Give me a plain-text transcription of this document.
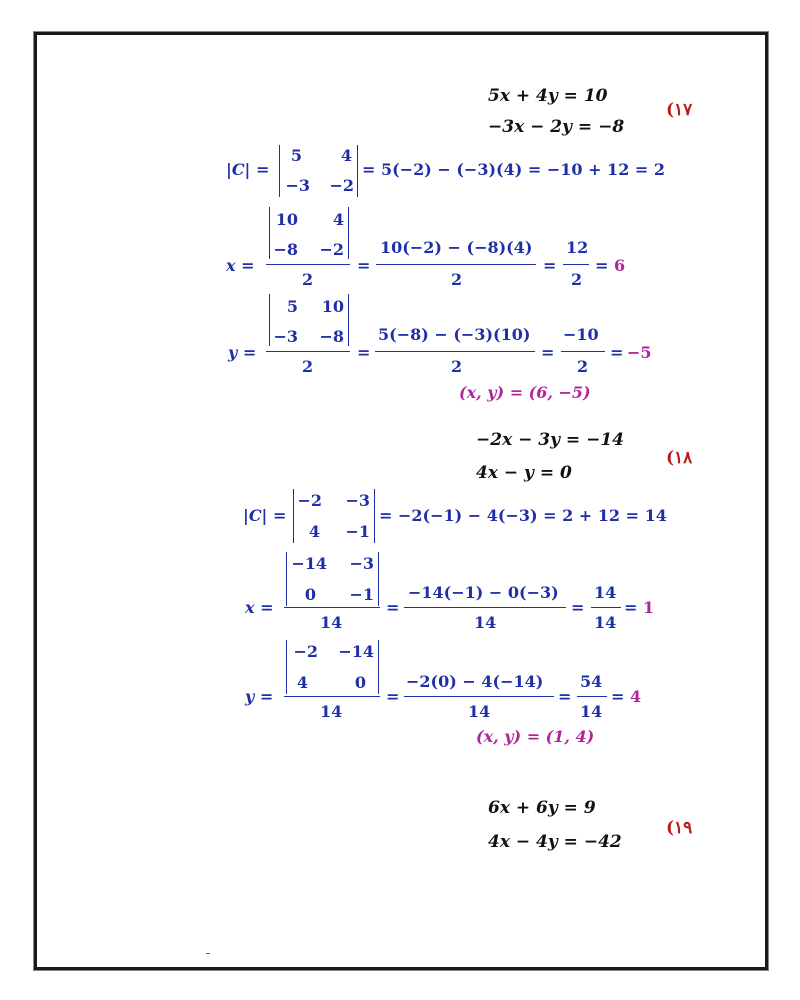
(١٧
5x + 4y = 10
−3x − 2y = −8
|C| =
5	4
−3	−2
= 5(−2) − (−3)(4) = −10 + 12 = 2
x =
10	4
−8	−2
2
=
10(−2) − (−8)(4)
2
=
12
2
= 6
y =
5	10
−3	−8
2
=
5(−8) − (−3)(10)
2
=
−10
2
= −5
(x, y) = (6, −5)
(١٨
−2x − 3y = −14
4x − y = 0
|C| =
−2	−3
4	−1
= −2(−1) − 4(−3) = 2 + 12 = 14
x =
−14	−3
0	−1
14
=
−14(−1) − 0(−3)
14
=
14
14
= 1
y =
−2 −14
4	0
14
=
−2(0) − 4(−14)
14
=
54
14
= 4
(x, y) = (1, 4)
(١٩
6x + 6y = 9
4x − 4y = −42
-
